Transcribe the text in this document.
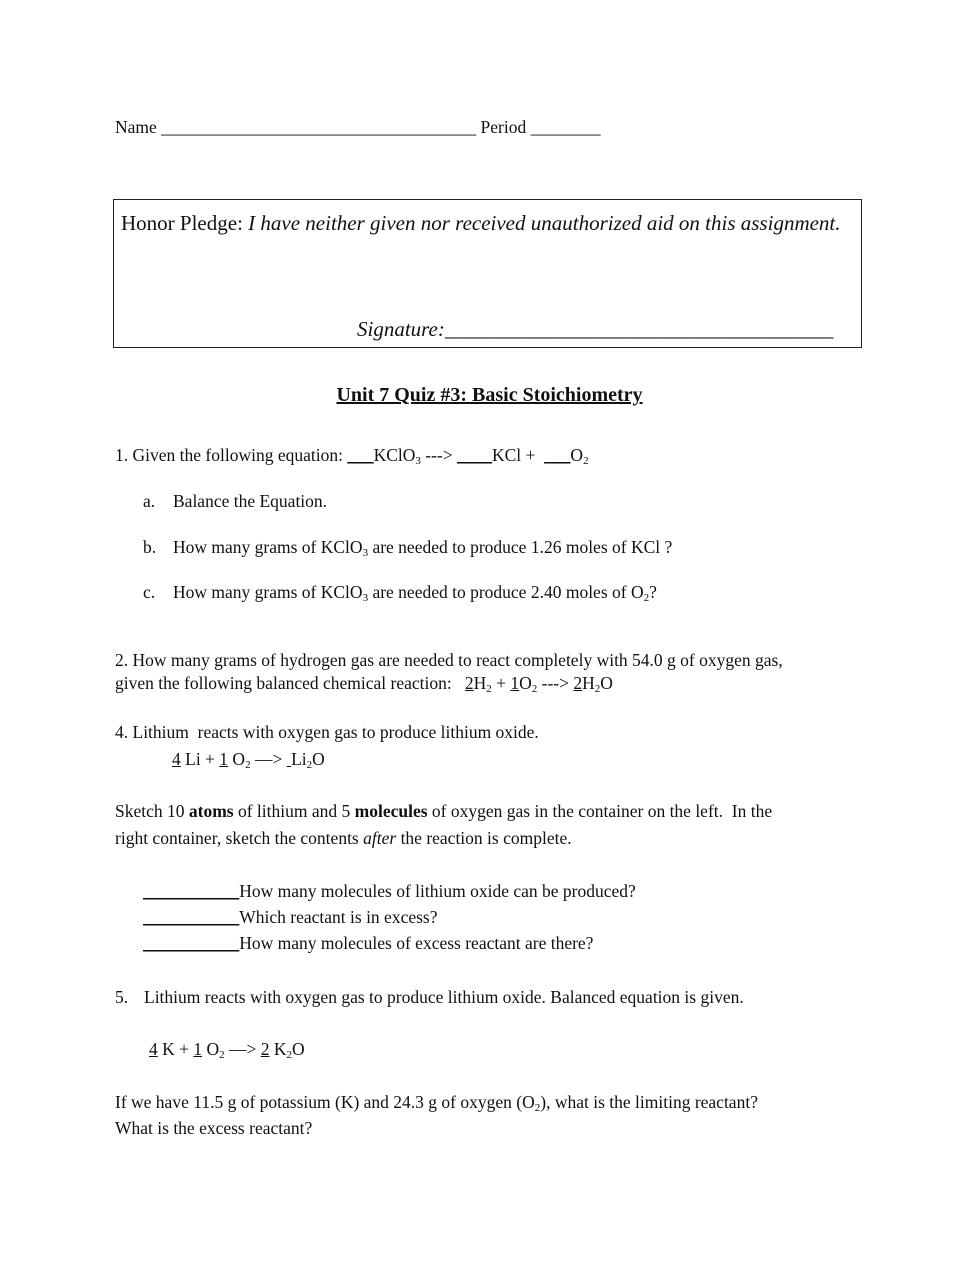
Name ____________________________________ Period ________
Honor Pledge: I have neither given nor received unauthorized aid on this assignment.
Signature:_____________________________________
Unit 7 Quiz #3: Basic Stoichiometry
1. Given the following equation: ___KClO$_3$ ---> ____KCl +  $\_\_\_O_2$
a. Balance the Equation.
b. How many grams of KClO$_3$ are needed to produce 1.26 moles of KCl ?
c. How many grams of KClO$_3$ are needed to produce 2.40 moles of $O_2$?
2. How many grams of hydrogen gas are needed to react completely with 54.0 g of oxygen gas,
given the following balanced chemical reaction:   $2H_2 + 1O_2$ ---> $2H_2O$
4. Lithium  reacts with oxygen gas to produce lithium oxide.
4 Li + 1 $O_2$ —>  $Li_2O$
Sketch 10 atoms of lithium and 5 molecules of oxygen gas in the container on the left.  In the
right container, sketch the contents after the reaction is complete.
___________How many molecules of lithium oxide can be produced?
___________Which reactant is in excess?
___________How many molecules of excess reactant are there?
5. Lithium reacts with oxygen gas to produce lithium oxide. Balanced equation is given.
4 K + 1 $O_2$ —> 2 $K_2O$
If we have 11.5 g of potassium (K) and 24.3 g of oxygen $(O_2)$, what is the limiting reactant?
What is the excess reactant?
